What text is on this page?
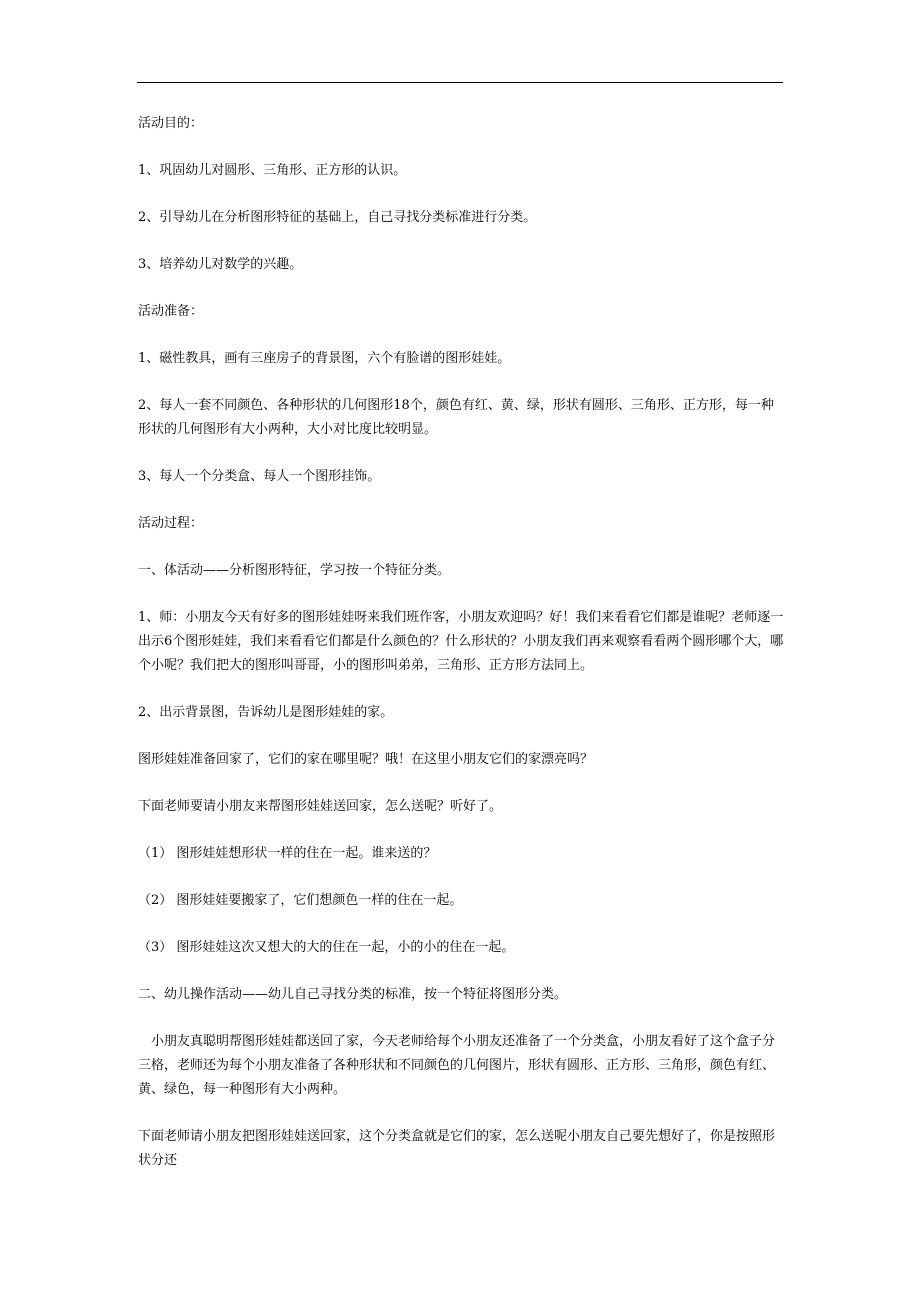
活动目的：

1、巩固幼儿对圆形、三角形、正方形的认识。

2、引导幼儿在分析图形特征的基础上，自己寻找分类标准进行分类。

3、培养幼儿对数学的兴趣。

活动准备：

1、磁性教具，画有三座房子的背景图，六个有脸谱的图形娃娃。

2、每人一套不同颜色、各种形状的几何图形18个，颜色有红、黄、绿，形状有圆形、三角形、正方形，每一种形状的几何图形有大小两种，大小对比度比较明显。

3、每人一个分类盒、每人一个图形挂饰。

活动过程：

一、体活动——分析图形特征，学习按一个特征分类。

1、师：小朋友今天有好多的图形娃娃呀来我们班作客，小朋友欢迎吗？好！我们来看看它们都是谁呢？老师逐一出示6个图形娃娃，我们来看看它们都是什么颜色的？什么形状的？小朋友我们再来观察看看两个圆形哪个大，哪个小呢？我们把大的图形叫哥哥，小的图形叫弟弟，三角形、正方形方法同上。

2、出示背景图，告诉幼儿是图形娃娃的家。

图形娃娃准备回家了，它们的家在哪里呢？哦！在这里小朋友它们的家漂亮吗？

下面老师要请小朋友来帮图形娃娃送回家，怎么送呢？听好了。

（1） 图形娃娃想形状一样的住在一起。谁来送的？

（2） 图形娃娃要搬家了，它们想颜色一样的住在一起。

（3） 图形娃娃这次又想大的大的住在一起，小的小的住在一起。

二、幼儿操作活动——幼儿自己寻找分类的标准，按一个特征将图形分类。

小朋友真聪明帮图形娃娃都送回了家，今天老师给每个小朋友还准备了一个分类盒，小朋友看好了这个盒子分三格，老师还为每个小朋友准备了各种形状和不同颜色的几何图片，形状有圆形、正方形、三角形，颜色有红、黄、绿色，每一种图形有大小两种。

下面老师请小朋友把图形娃娃送回家，这个分类盒就是它们的家，怎么送呢小朋友自己要先想好了，你是按照形状分还
